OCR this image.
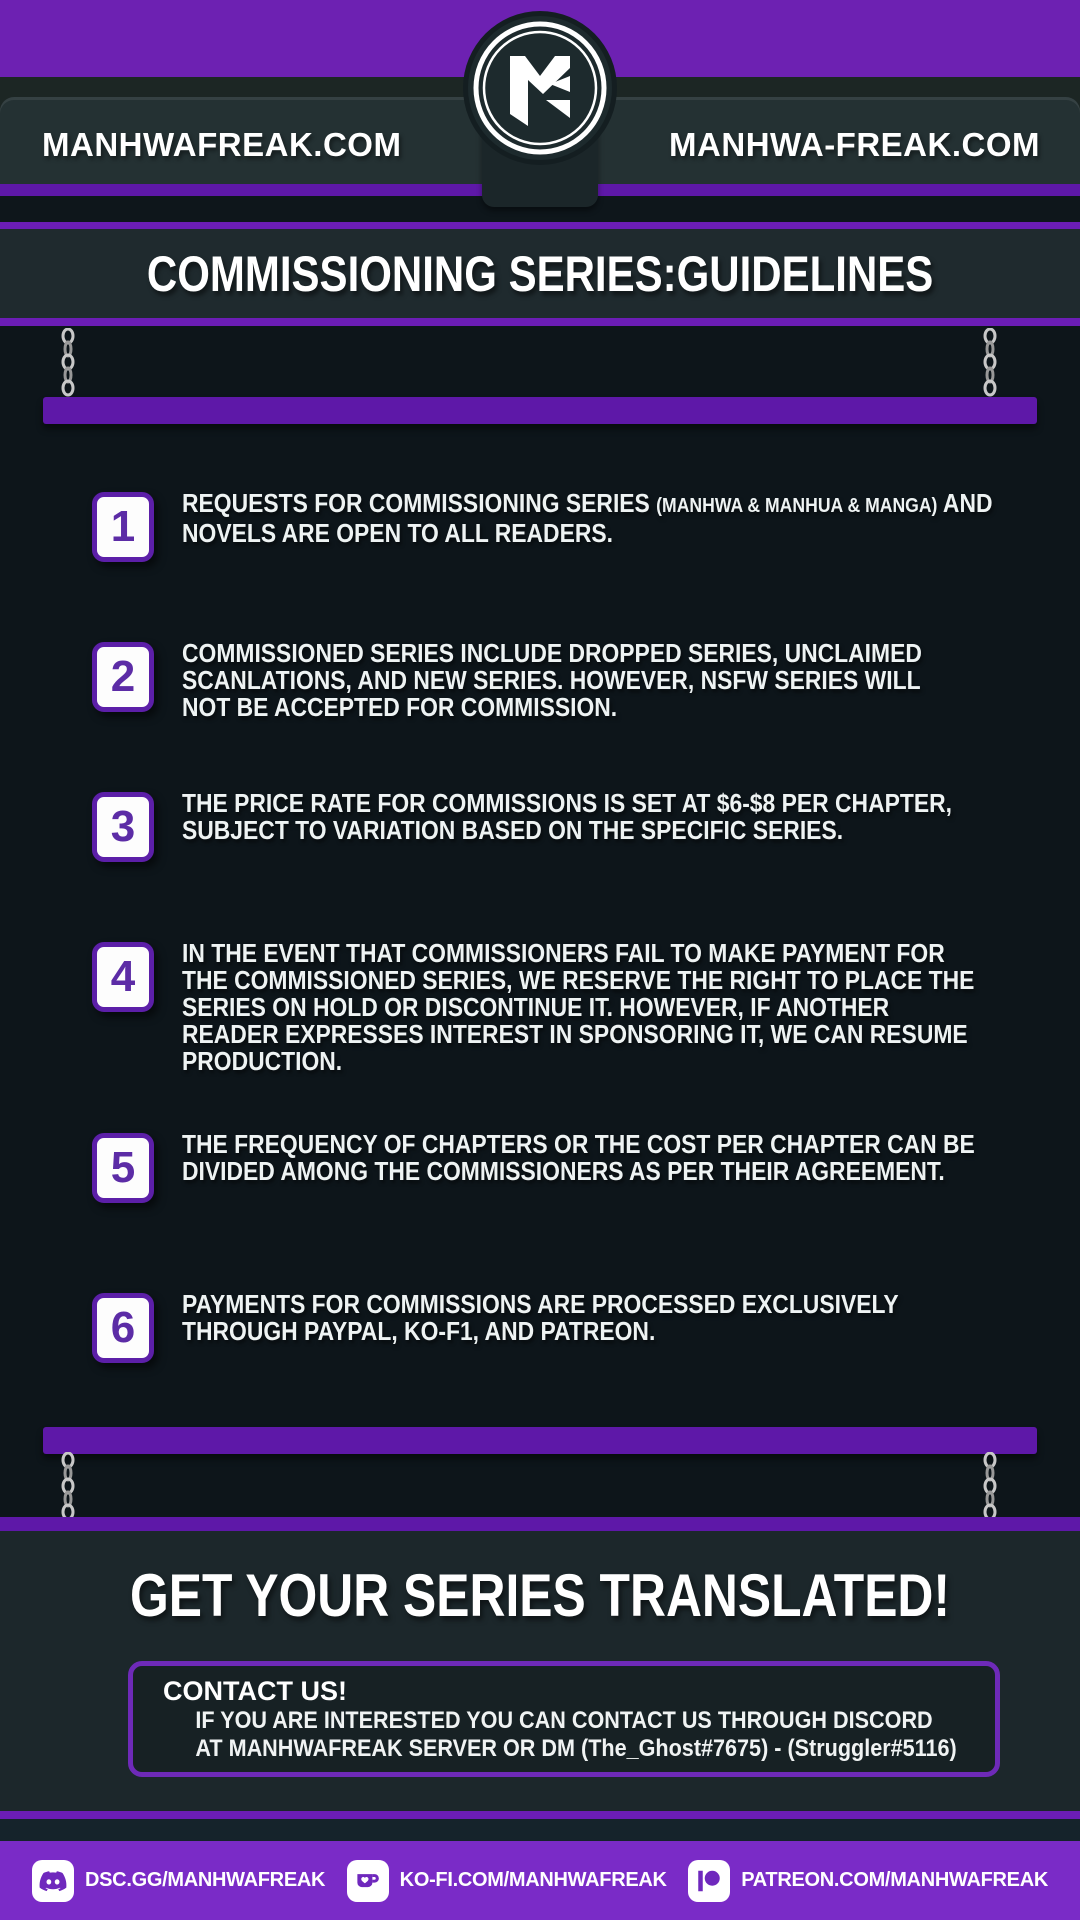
MANHWAFREAK.COM	MANHWA-FREAK.COM
COMMISSIONING SERIES:GUIDELINES
1 REQUESTS FOR COMMISSIONING SERIES (MANHWA & MANHUA & MANGA) AND NOVELS ARE OPEN TO ALL READERS.
2 COMMISSIONED SERIES INCLUDE DROPPED SERIES, UNCLAIMED SCANLATIONS, AND NEW SERIES. HOWEVER, NSFW SERIES WILL NOT BE ACCEPTED FOR COMMISSION.
3 THE PRICE RATE FOR COMMISSIONS IS SET AT $6-$8 PER CHAPTER, SUBJECT TO VARIATION BASED ON THE SPECIFIC SERIES.
4 IN THE EVENT THAT COMMISSIONERS FAIL TO MAKE PAYMENT FOR THE COMMISSIONED SERIES, WE RESERVE THE RIGHT TO PLACE THE SERIES ON HOLD OR DISCONTINUE IT. HOWEVER, IF ANOTHER READER EXPRESSES INTEREST IN SPONSORING IT, WE CAN RESUME PRODUCTION.
5 THE FREQUENCY OF CHAPTERS OR THE COST PER CHAPTER CAN BE DIVIDED AMONG THE COMMISSIONERS AS PER THEIR AGREEMENT.
6 PAYMENTS FOR COMMISSIONS ARE PROCESSED EXCLUSIVELY THROUGH PAYPAL, KO-F1, AND PATREON.
GET YOUR SERIES TRANSLATED!
CONTACT US!
IF YOU ARE INTERESTED YOU CAN CONTACT US THROUGH DISCORD
AT MANHWAFREAK SERVER OR DM (The_Ghost#7675) - (Struggler#5116)
DSC.GG/MANHWAFREAK	KO-FI.COM/MANHWAFREAK	PATREON.COM/MANHWAFREAK
